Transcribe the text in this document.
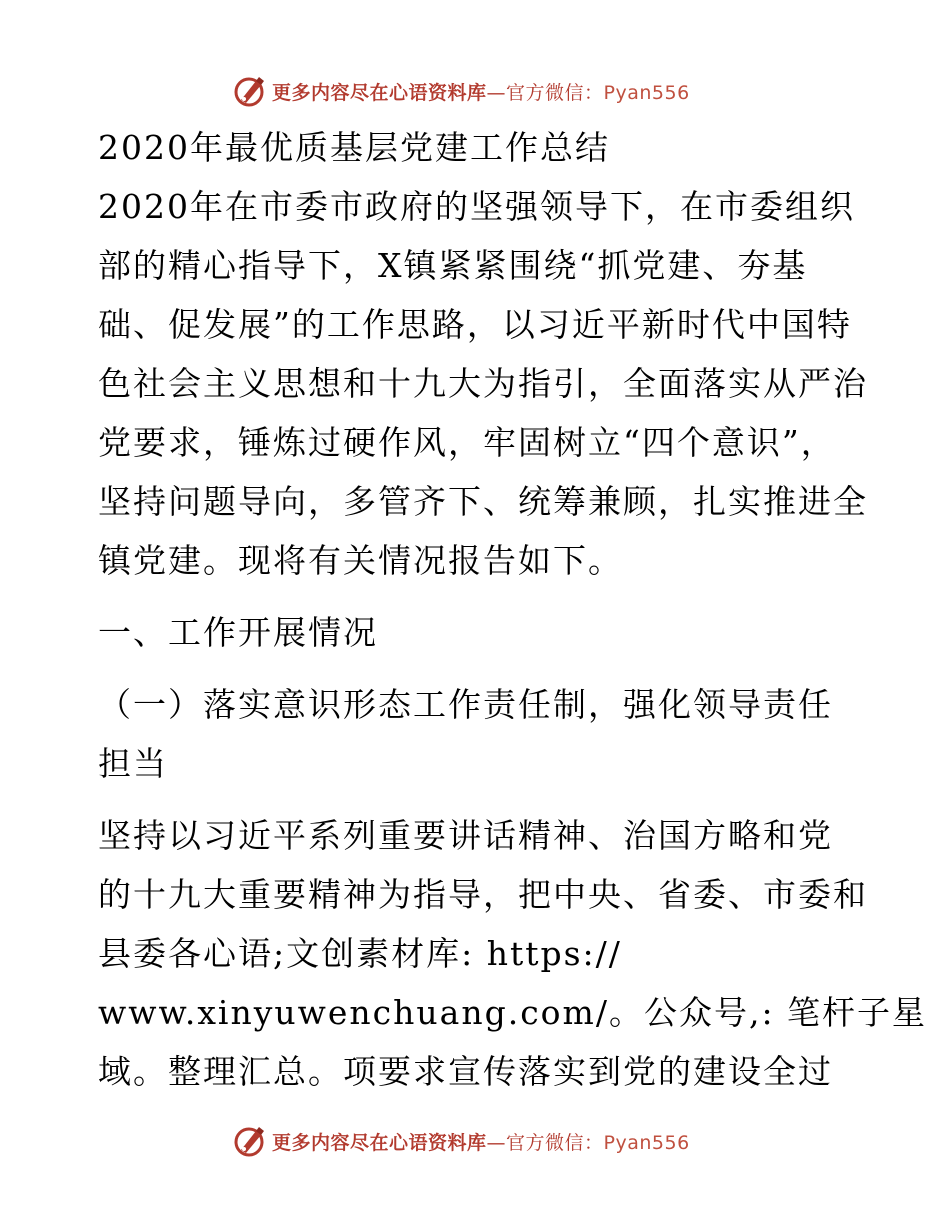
更多内容尽在心语资料库—官方微信：Pyan556

2020年最优质基层党建工作总结

2020年在市委市政府的坚强领导下，在市委组织

部的精心指导下，X镇紧紧围绕“抓党建、夯基

础、促发展”的工作思路，以习近平新时代中国特

色社会主义思想和十九大为指引，全面落实从严治

党要求，锤炼过硬作风，牢固树立“四个意识”，

坚持问题导向，多管齐下、统筹兼顾，扎实推进全

镇党建。现将有关情况报告如下。

一、工作开展情况

（一）落实意识形态工作责任制，强化领导责任

担当

坚持以习近平系列重要讲话精神、治国方略和党

的十九大重要精神为指导，把中央、省委、市委和

县委各心语;文创素材库: https://

www.xinyuwenchuang.com/。公众号,: 笔杆子星

域。整理汇总。项要求宣传落实到党的建设全过

更多内容尽在心语资料库—官方微信：Pyan556
